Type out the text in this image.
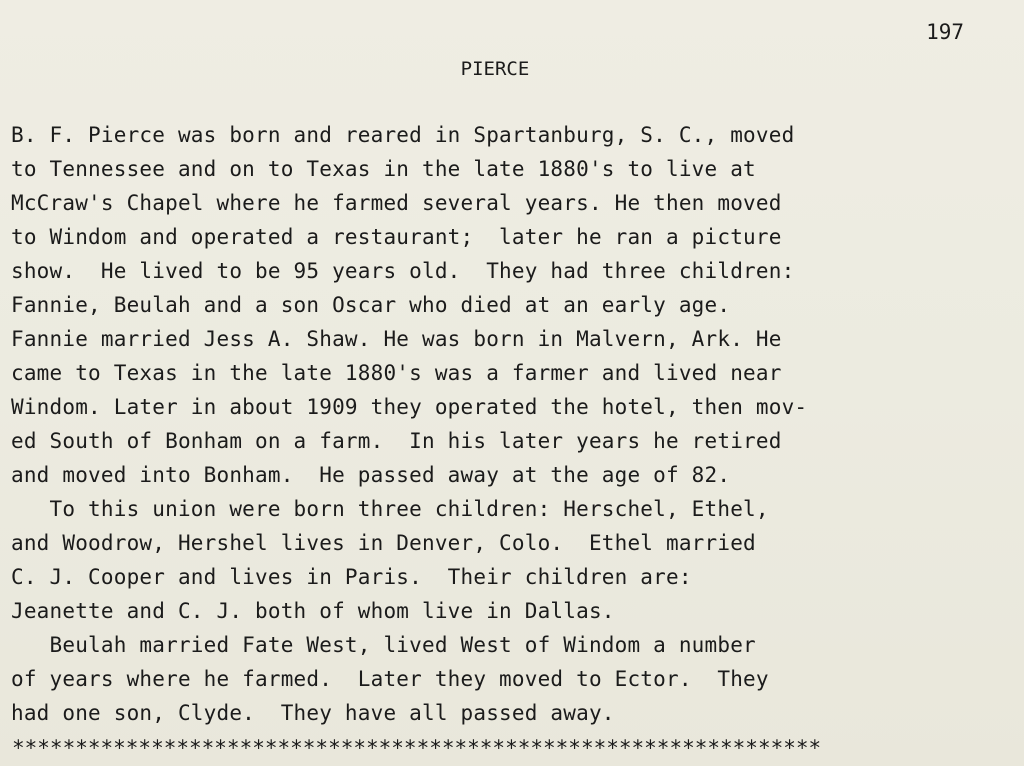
197
PIERCE
B. F. Pierce was born and reared in Spartanburg, S. C., moved
to Tennessee and on to Texas in the late 1880's to live at
McCraw's Chapel where he farmed several years. He then moved
to Windom and operated a restaurant;  later he ran a picture
show.  He lived to be 95 years old.  They had three children:
Fannie, Beulah and a son Oscar who died at an early age.
Fannie married Jess A. Shaw. He was born in Malvern, Ark. He
came to Texas in the late 1880's was a farmer and lived near
Windom. Later in about 1909 they operated the hotel, then mov-
ed South of Bonham on a farm.  In his later years he retired
and moved into Bonham.  He passed away at the age of 82.
To this union were born three children: Herschel, Ethel,
and Woodrow, Hershel lives in Denver, Colo.  Ethel married
C. J. Cooper and lives in Paris.  Their children are:
Jeanette and C. J. both of whom live in Dallas.
Beulah married Fate West, lived West of Windom a number
of years where he farmed.  Later they moved to Ector.  They
had one son, Clyde.  They have all passed away.
****************************************************************
